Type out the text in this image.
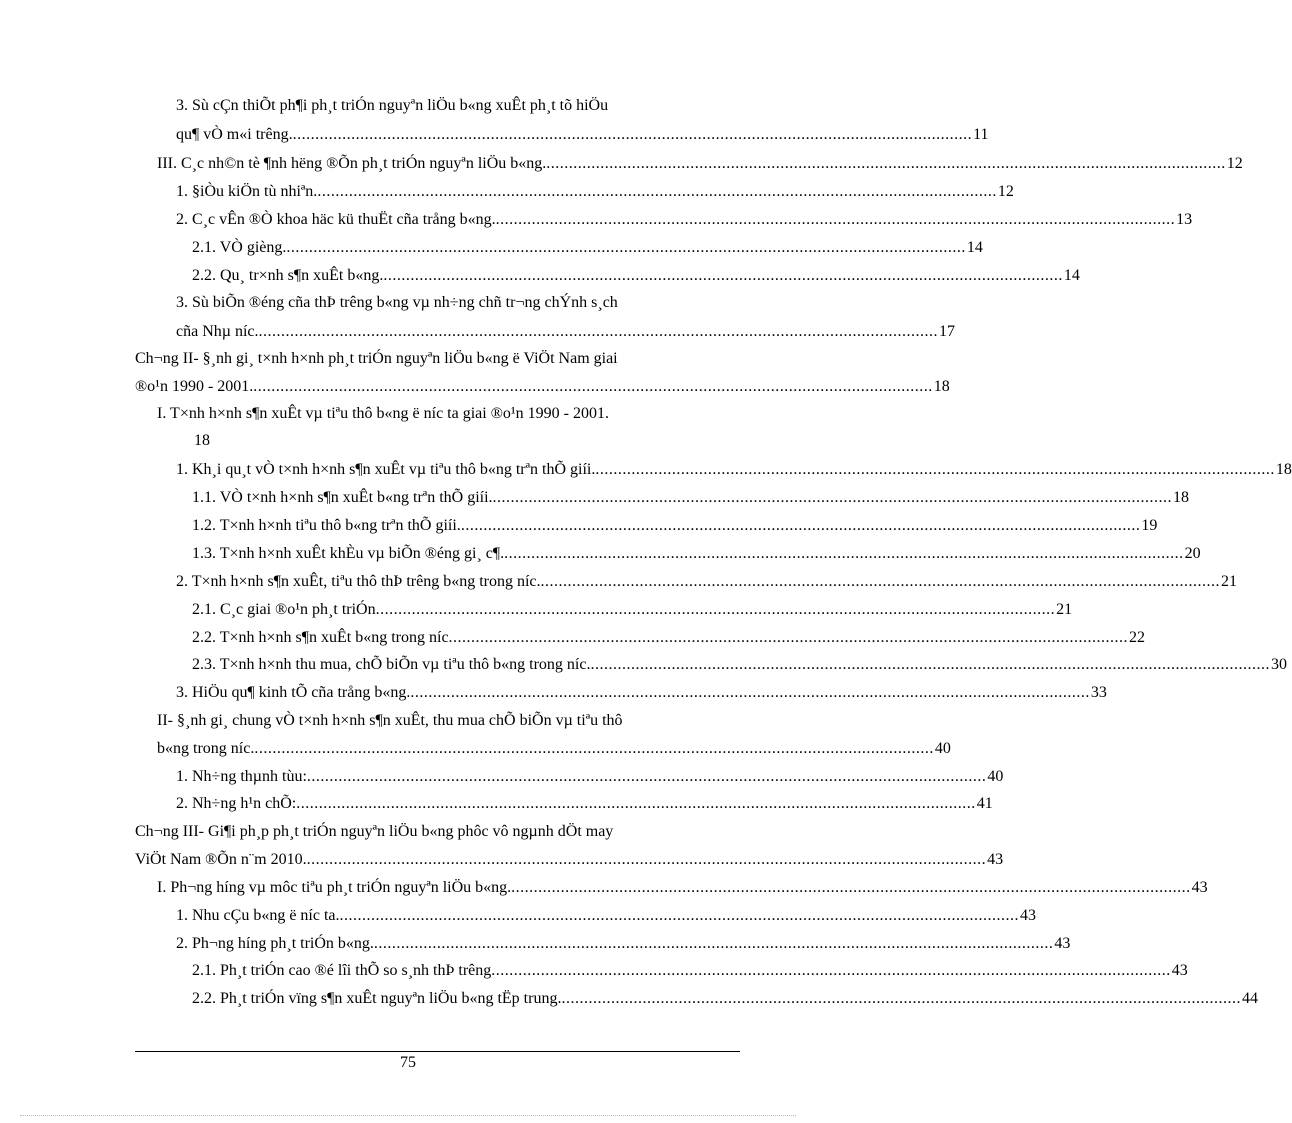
3. Sù cÇn thiÕt ph¶i ph¸t triÓn nguyªn liÖu b«ng xuÊt ph¸t tõ hiÖu
qu¶ vÒ m«i trêng. ....................................................................................................................................................... 11
III. C¸c nh©n tè ¶nh hëng ®Õn ph¸t triÓn nguyªn liÖu b«ng. ....................................................................................................................................................... 12
1. §iÒu kiÖn tù nhiªn. ....................................................................................................................................................... 12
2. C¸c vÊn ®Ò khoa häc kü thuËt cña trång b«ng. ....................................................................................................................................................... 13
2.1. VÒ gièng. ....................................................................................................................................................... 14
2.2. Qu¸ tr×nh s¶n xuÊt b«ng. ....................................................................................................................................................... 14
3. Sù biÕn ®éng cña thÞ trêng b«ng vµ nh÷ng chñ tr¬ng chÝnh s¸ch
cña Nhµ níc. ....................................................................................................................................................... 17
Ch¬ng II- §¸nh gi¸ t×nh h×nh ph¸t triÓn nguyªn liÖu b«ng ë ViÖt Nam giai
®o¹n 1990 - 2001. ....................................................................................................................................................... 18
I. T×nh h×nh s¶n xuÊt vµ tiªu thô b«ng ë níc ta giai ®o¹n 1990 - 2001.
18
1. Kh¸i qu¸t vÒ t×nh h×nh s¶n xuÊt vµ tiªu thô b«ng trªn thÕ giíi. ....................................................................................................................................................... 18
1.1. VÒ t×nh h×nh s¶n xuÊt b«ng trªn thÕ giíi. ....................................................................................................................................................... 18
1.2. T×nh h×nh tiªu thô b«ng trªn thÕ giíi. ....................................................................................................................................................... 19
1.3. T×nh h×nh xuÊt khÈu vµ biÕn ®éng gi¸ c¶. ....................................................................................................................................................... 20
2. T×nh h×nh s¶n xuÊt, tiªu thô thÞ trêng b«ng trong níc. ....................................................................................................................................................... 21
2.1. C¸c giai ®o¹n ph¸t triÓn ....................................................................................................................................................... 21
2.2. T×nh h×nh s¶n xuÊt b«ng trong níc ....................................................................................................................................................... 22
2.3. T×nh h×nh thu mua, chÕ biÕn vµ tiªu thô b«ng trong níc. ....................................................................................................................................................... 30
3. HiÖu qu¶ kinh tÕ cña trång b«ng. ....................................................................................................................................................... 33
II- §¸nh gi¸ chung vÒ t×nh h×nh s¶n xuÊt, thu mua chÕ biÕn vµ tiªu thô
b«ng trong níc. ....................................................................................................................................................... 40
1. Nh÷ng thµnh tùu: ....................................................................................................................................................... 40
2. Nh÷ng h¹n chÕ: ....................................................................................................................................................... 41
Ch¬ng III- Gi¶i ph¸p ph¸t triÓn nguyªn liÖu b«ng phôc vô ngµnh dÖt may
ViÖt Nam ®Õn n¨m 2010. ....................................................................................................................................................... 43
I. Ph¬ng híng vµ môc tiªu ph¸t triÓn nguyªn liÖu b«ng. ....................................................................................................................................................... 43
1. Nhu cÇu b«ng ë níc ta. ....................................................................................................................................................... 43
2. Ph¬ng híng ph¸t triÓn b«ng. ....................................................................................................................................................... 43
2.1. Ph¸t triÓn cao ®é lîi thÕ so s¸nh thÞ trêng ....................................................................................................................................................... 43
2.2. Ph¸t triÓn vïng s¶n xuÊt nguyªn liÖu b«ng tËp trung. ....................................................................................................................................................... 44
75
